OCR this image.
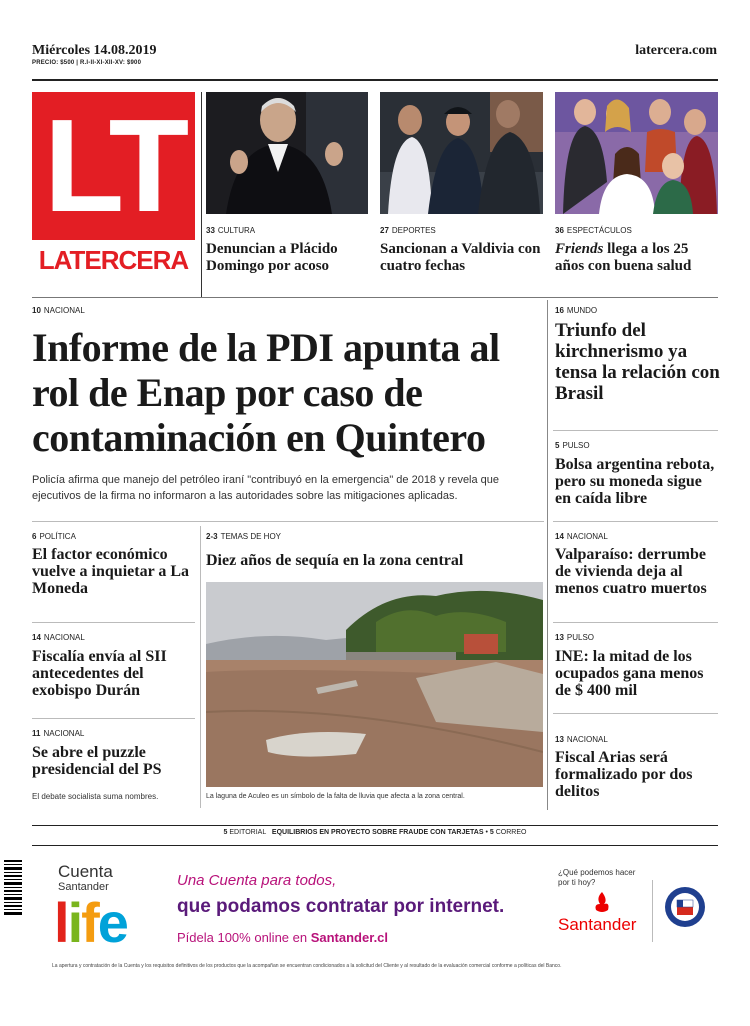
Miércoles 14.08.2019
PRECIO: $500 | R.I-II-XI-XII-XV: $900
latercera.com
LT
LATERCERA
33 CULTURA
Denuncian a Plácido Domingo por acoso
27 DEPORTES
Sancionan a Valdivia con cuatro fechas
36 ESPECTÁCULOS
Friends llega a los 25 años con buena salud
10 NACIONAL
Informe de la PDI apunta al rol de Enap por caso de contaminación en Quintero
Policía afirma que manejo del petróleo iraní "contribuyó en la emergencia" de 2018 y revela que ejecutivos de la firma no informaron a las autoridades sobre las mitigaciones aplicadas.
6 POLÍTICA
El factor económico vuelve a inquietar a La Moneda
14 NACIONAL
Fiscalía envía al SII antecedentes del exobispo Durán
11 NACIONAL
Se abre el puzzle presidencial del PS
El debate socialista suma nombres.
2-3 TEMAS DE HOY
Diez años de sequía en la zona central
La laguna de Aculeo es un símbolo de la falta de lluvia que afecta a la zona central.
16 MUNDO
Triunfo del kirchnerismo ya tensa la relación con Brasil
5 PULSO
Bolsa argentina rebota, pero su moneda sigue en caída libre
14 NACIONAL
Valparaíso: derrumbe de vivienda deja al menos cuatro muertos
13 PULSO
INE: la mitad de los ocupados gana menos de $ 400 mil
13 NACIONAL
Fiscal Arias será formalizado por dos delitos
5 EDITORIAL EQUILIBRIOS EN PROYECTO SOBRE FRAUDE CON TARJETAS • 5 CORREO
Cuenta
Santander
life
Una Cuenta para todos,
que podamos contratar por internet.
Pídela 100% online en Santander.cl
¿Qué podemos hacer por ti hoy?
Santander
La apertura y contratación de la Cuenta y los requisitos definitivos de los productos que la acompañan se encuentran condicionados a la solicitud del Cliente y al resultado de la evaluación comercial conforme a políticas del Banco.
